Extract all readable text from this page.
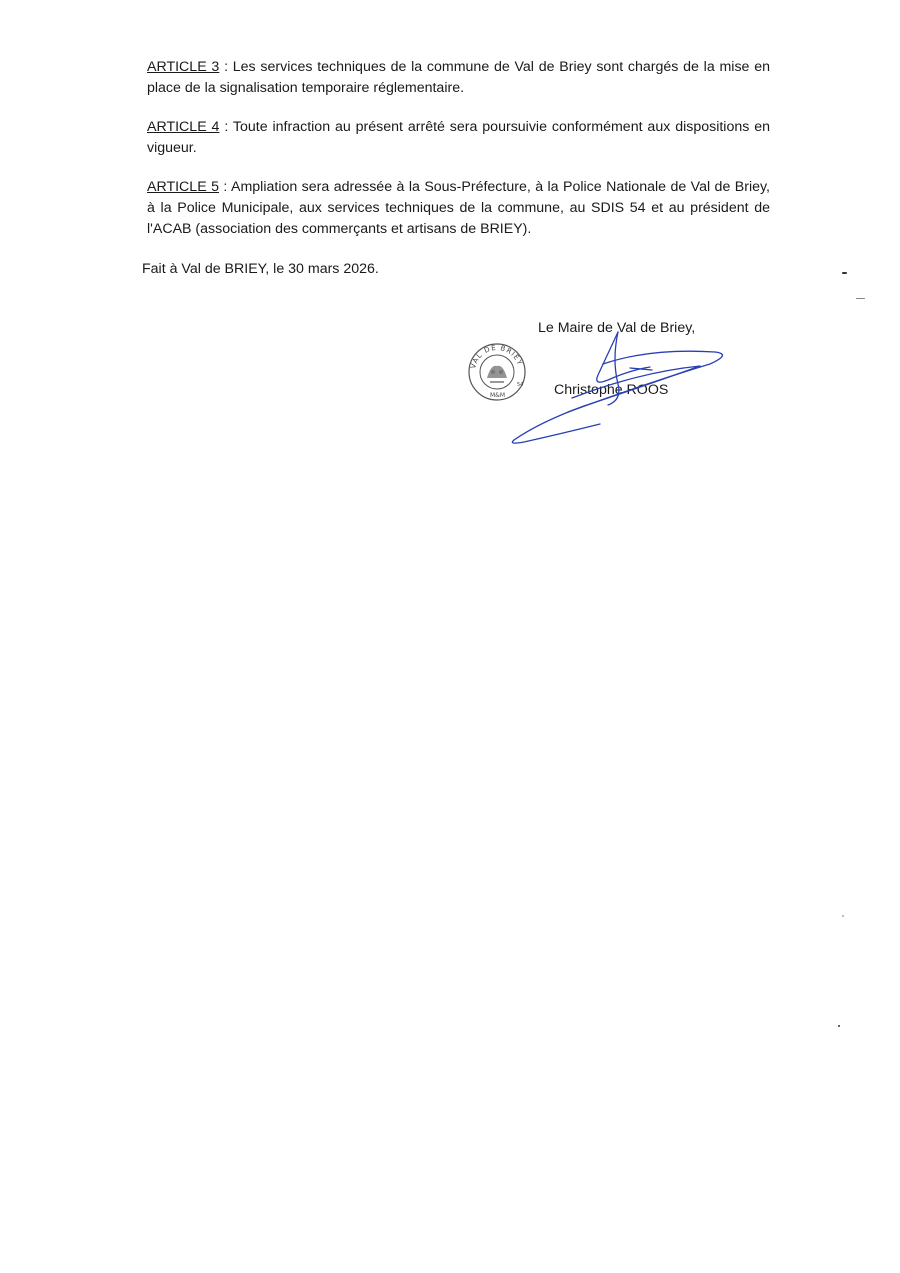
ARTICLE 3 : Les services techniques de la commune de Val de Briey sont chargés de la mise en place de la signalisation temporaire réglementaire.

ARTICLE 4 : Toute infraction au présent arrêté sera poursuivie conformément aux dispositions en vigueur.

ARTICLE 5 : Ampliation sera adressée à la Sous-Préfecture, à la Police Nationale de Val de Briey, à la Police Municipale, aux services techniques de la commune, au SDIS 54 et au président de l'ACAB (association des commerçants et artisans de BRIEY).

Fait à Val de BRIEY, le 30 mars 2026.
Le Maire de Val de Briey,
Christophe ROOS
VAL DE BRIEY
M&M
54
